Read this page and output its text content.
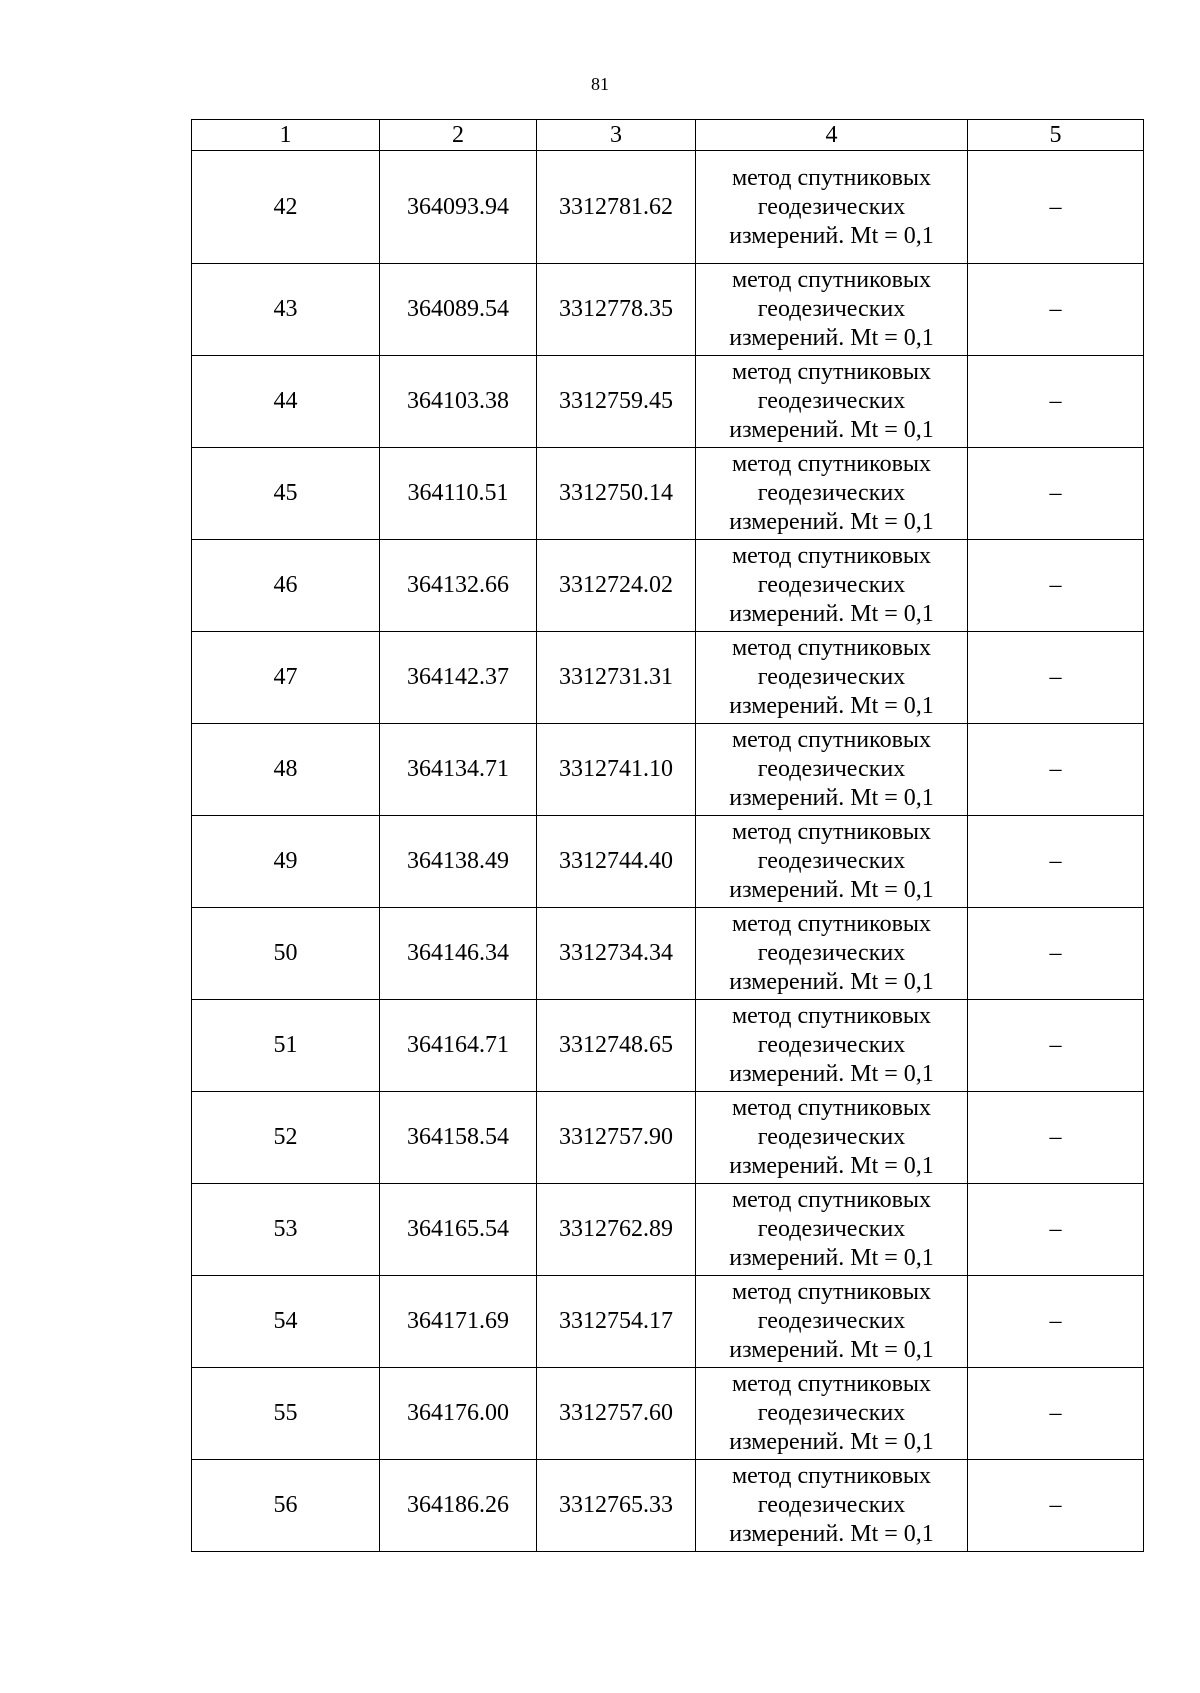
81
1	2	3	4	5
42	364093.94	3312781.62	метод спутниковых
геодезических
измерений. Mt = 0,1	–
43	364089.54	3312778.35	метод спутниковых
геодезических
измерений. Mt = 0,1	–
44	364103.38	3312759.45	метод спутниковых
геодезических
измерений. Mt = 0,1	–
45	364110.51	3312750.14	метод спутниковых
геодезических
измерений. Mt = 0,1	–
46	364132.66	3312724.02	метод спутниковых
геодезических
измерений. Mt = 0,1	–
47	364142.37	3312731.31	метод спутниковых
геодезических
измерений. Mt = 0,1	–
48	364134.71	3312741.10	метод спутниковых
геодезических
измерений. Mt = 0,1	–
49	364138.49	3312744.40	метод спутниковых
геодезических
измерений. Mt = 0,1	–
50	364146.34	3312734.34	метод спутниковых
геодезических
измерений. Mt = 0,1	–
51	364164.71	3312748.65	метод спутниковых
геодезических
измерений. Mt = 0,1	–
52	364158.54	3312757.90	метод спутниковых
геодезических
измерений. Mt = 0,1	–
53	364165.54	3312762.89	метод спутниковых
геодезических
измерений. Mt = 0,1	–
54	364171.69	3312754.17	метод спутниковых
геодезических
измерений. Mt = 0,1	–
55	364176.00	3312757.60	метод спутниковых
геодезических
измерений. Mt = 0,1	–
56	364186.26	3312765.33	метод спутниковых
геодезических
измерений. Mt = 0,1	–
